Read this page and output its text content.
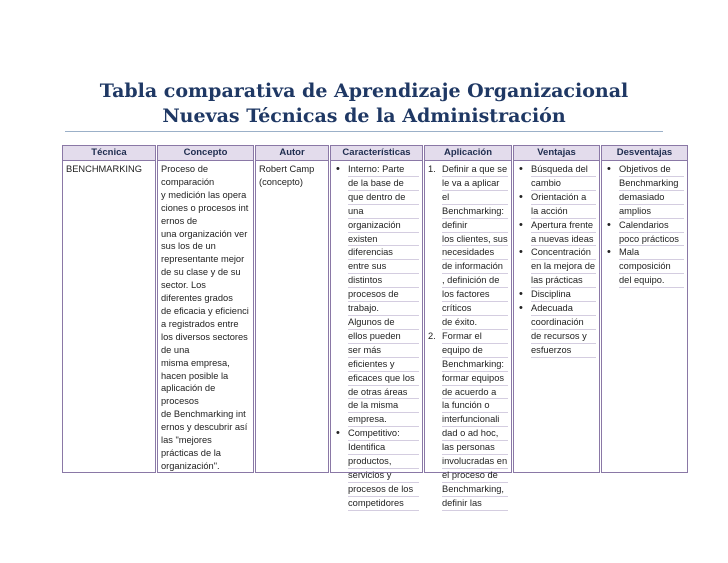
Tabla comparativa de Aprendizaje Organizacional
Nuevas Técnicas de la Administración
Técnica
BENCHMARKING
Concepto
Proceso de
comparación
y medición las opera
ciones o procesos int
ernos de
una organización ver
sus los de un
representante mejor
de su clase y de su
sector. Los
diferentes grados
de eficacia y eficienci
a registrados entre
los diversos sectores
de una
misma empresa,
hacen posible la
aplicación de
procesos
de Benchmarking int
ernos y descubrir así
las "mejores
prácticas de la
organización".
Autor
Robert Camp
(concepto)
Características
• Interno: Parte
de la base de
que dentro de
una
organización
existen
diferencias
entre sus
distintos
procesos de
trabajo.
Algunos de
ellos pueden
ser más
eficientes y
eficaces que los
de otras áreas
de la misma
empresa.
• Competitivo:
Identifica
productos,
servicios y
procesos de los
competidores
Aplicación
1. Definir a que se
le va a aplicar
el
Benchmarking:
definir
los clientes, sus
necesidades
de información
, definición de
los factores
críticos
de éxito.
2. Formar el
equipo de
Benchmarking:
formar equipos
de acuerdo a
la función o
interfuncionali
dad o ad hoc,
las personas
involucradas en
el proceso de
Benchmarking,
definir las
Ventajas
• Búsqueda del
cambio
• Orientación a
la acción
• Apertura frente
a nuevas ideas
• Concentración
en la mejora de
las prácticas
• Disciplina
• Adecuada
coordinación
de recursos y
esfuerzos
Desventajas
• Objetivos de
Benchmarking
demasiado
amplios
• Calendarios
poco prácticos
• Mala
composición
del equipo.
